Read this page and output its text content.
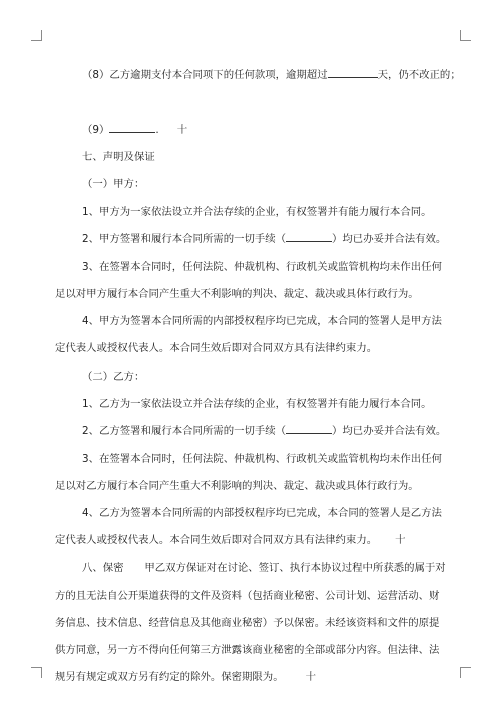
（8）乙方逾期支付本合同项下的任何款项，逾期超过	天，仍不改正的；
（9）	. 十
七、声明及保证
（一）甲方：
1、甲方为一家依法设立并合法存续的企业，有权签署并有能力履行本合同。
2、甲方签署和履行本合同所需的一切手续（	）均已办妥并合法有效。
3、在签署本合同时，任何法院、仲裁机构、行政机关或监管机构均未作出任何
足以对甲方履行本合同产生重大不利影响的判决、裁定、裁决或具体行政行为。
4、甲方为签署本合同所需的内部授权程序均已完成，本合同的签署人是甲方法
定代表人或授权代表人。本合同生效后即对合同双方具有法律约束力。
（二）乙方：
1、乙方为一家依法设立并合法存续的企业，有权签署并有能力履行本合同。
2、乙方签署和履行本合同所需的一切手续（	）均已办妥并合法有效。
3、在签署本合同时，任何法院、仲裁机构、行政机关或监管机构均未作出任何
足以对乙方履行本合同产生重大不利影响的判决、裁定、裁决或具体行政行为。
4、乙方为签署本合同所需的内部授权程序均已完成，本合同的签署人是乙方法
定代表人或授权代表人。本合同生效后即对合同双方具有法律约束力。 十
八、保密　　甲乙双方保证对在讨论、签订、执行本协议过程中所获悉的属于对
方的且无法自公开渠道获得的文件及资料（包括商业秘密、公司计划、运营活动、财
务信息、技术信息、经营信息及其他商业秘密）予以保密。未经该资料和文件的原提
供方同意，另一方不得向任何第三方泄露该商业秘密的全部或部分内容。但法律、法
规另有规定或双方另有约定的除外。保密期限为。 十
